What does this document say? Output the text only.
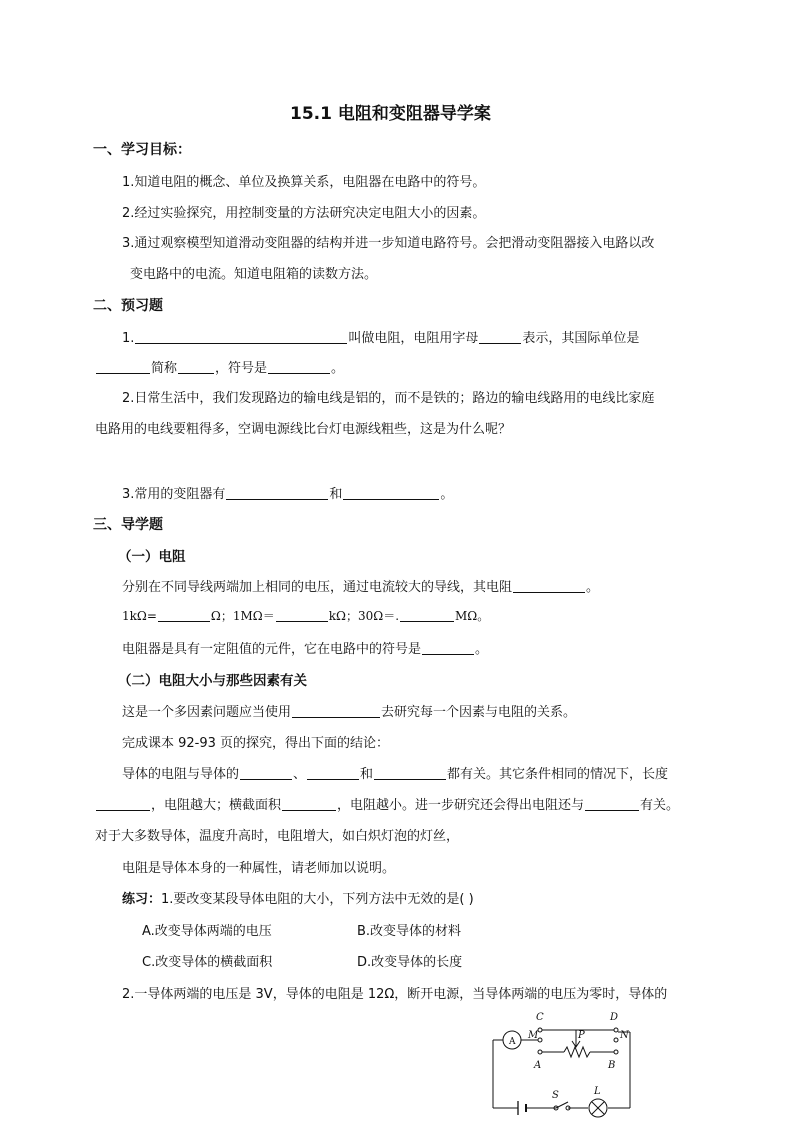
15.1 电阻和变阻器导学案
一、学习目标：
1.知道电阻的概念、单位及换算关系，电阻器在电路中的符号。
2.经过实验探究，用控制变量的方法研究决定电阻大小的因素。
3.通过观察模型知道滑动变阻器的结构并进一步知道电路符号。会把滑动变阻器接入电路以改
变电路中的电流。知道电阻箱的读数方法。
二、预习题
1.	叫做电阻，电阻用字母	表示，其国际单位是
简称	，符号是	。
2.日常生活中，我们发现路边的输电线是铝的，而不是铁的；路边的输电线路用的电线比家庭
电路用的电线要粗得多，空调电源线比台灯电源线粗些，这是为什么呢？
3.常用的变阻器有	和	。
三、导学题
（一）电阻
分别在不同导线两端加上相同的电压，通过电流较大的导线，其电阻	。
1kΩ=	Ω；1MΩ＝	kΩ；30Ω＝.	MΩ。
电阻器是具有一定阻值的元件，它在电路中的符号是	。
（二）电阻大小与那些因素有关
这是一个多因素问题应当使用	去研究每一个因素与电阻的关系。
完成课本 92-93 页的探究，得出下面的结论：
导体的电阻与导体的	、	和	都有关。其它条件相同的情况下，长度
，电阻越大；横截面积	，电阻越小。进一步研究还会得出电阻还与	有关。
对于大多数导体，温度升高时，电阻增大，如白炽灯泡的灯丝，
电阻是导体本身的一种属性，请老师加以说明。
练习：1.要改变某段导体电阻的大小，下列方法中无效的是( )
A.改变导体两端的电压	B.改变导体的材料
C.改变导体的横截面积	D.改变导体的长度
2.一导体两端的电压是 3V，导体的电阻是 12Ω，断开电源，当导体两端的电压为零时，导体的
C
M
D
N
P
A	B
S	L
A
